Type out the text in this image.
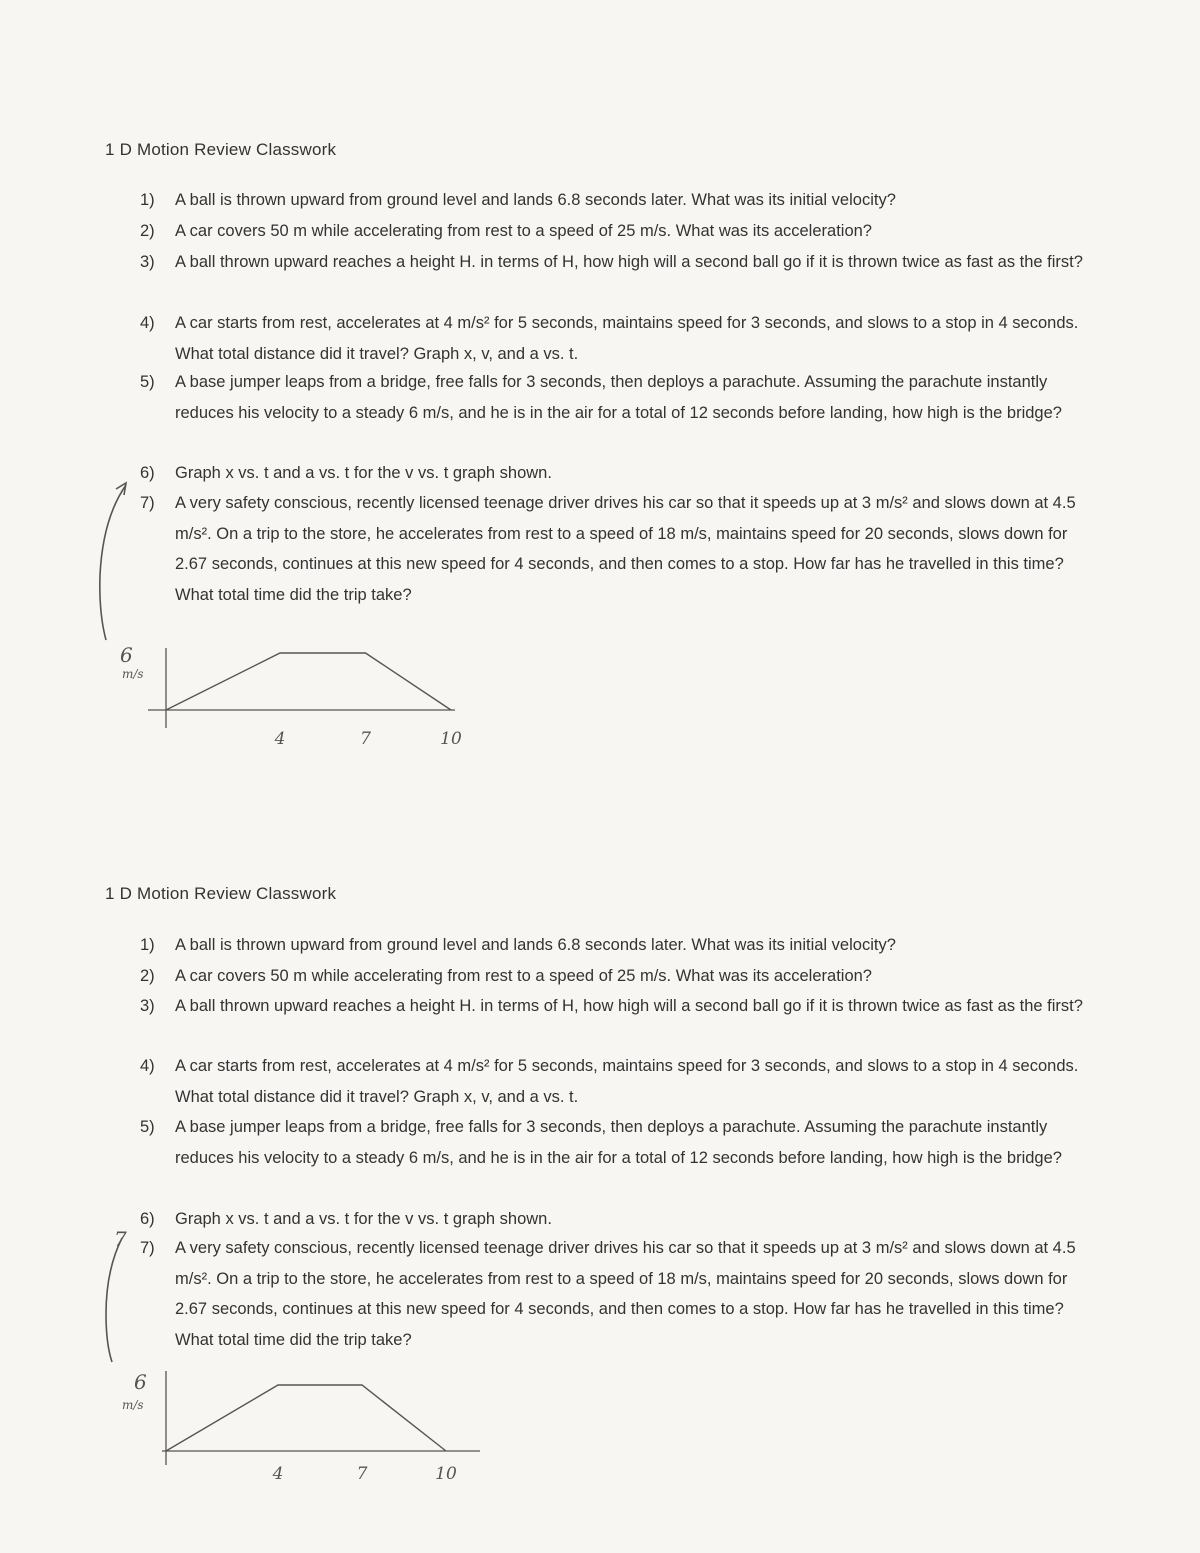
1 D Motion Review Classwork
1)	A ball is thrown upward from ground level and lands 6.8 seconds later. What was its initial velocity?
2)	A car covers 50 m while accelerating from rest to a speed of 25 m/s. What was its acceleration?
3)	A ball thrown upward reaches a height H. in terms of H, how high will a second ball go if it is thrown twice as fast as the first?
4)	A car starts from rest, accelerates at 4 m/s² for 5 seconds, maintains speed for 3 seconds, and slows to a stop in 4 seconds. What total distance did it travel? Graph x, v, and a vs. t.
5)	A base jumper leaps from a bridge, free falls for 3 seconds, then deploys a parachute. Assuming the parachute instantly reduces his velocity to a steady 6 m/s, and he is in the air for a total of 12 seconds before landing, how high is the bridge?
6)	Graph x vs. t and a vs. t for the v vs. t graph shown.
7)	A very safety conscious, recently licensed teenage driver drives his car so that it speeds up at 3 m/s² and slows down at 4.5 m/s². On a trip to the store, he accelerates from rest to a speed of 18 m/s, maintains speed for 20 seconds, slows down for 2.67 seconds, continues at this new speed for 4 seconds, and then comes to a stop. How far has he travelled in this time? What total time did the trip take?
6
m/s
4	7	10
1 D Motion Review Classwork
1)	A ball is thrown upward from ground level and lands 6.8 seconds later. What was its initial velocity?
2)	A car covers 50 m while accelerating from rest to a speed of 25 m/s. What was its acceleration?
3)	A ball thrown upward reaches a height H. in terms of H, how high will a second ball go if it is thrown twice as fast as the first?
4)	A car starts from rest, accelerates at 4 m/s² for 5 seconds, maintains speed for 3 seconds, and slows to a stop in 4 seconds. What total distance did it travel? Graph x, v, and a vs. t.
5)	A base jumper leaps from a bridge, free falls for 3 seconds, then deploys a parachute. Assuming the parachute instantly reduces his velocity to a steady 6 m/s, and he is in the air for a total of 12 seconds before landing, how high is the bridge?
6)	Graph x vs. t and a vs. t for the v vs. t graph shown.
7)	A very safety conscious, recently licensed teenage driver drives his car so that it speeds up at 3 m/s² and slows down at 4.5 m/s². On a trip to the store, he accelerates from rest to a speed of 18 m/s, maintains speed for 20 seconds, slows down for 2.67 seconds, continues at this new speed for 4 seconds, and then comes to a stop. How far has he travelled in this time? What total time did the trip take?
7
6
m/s
4	7	10
